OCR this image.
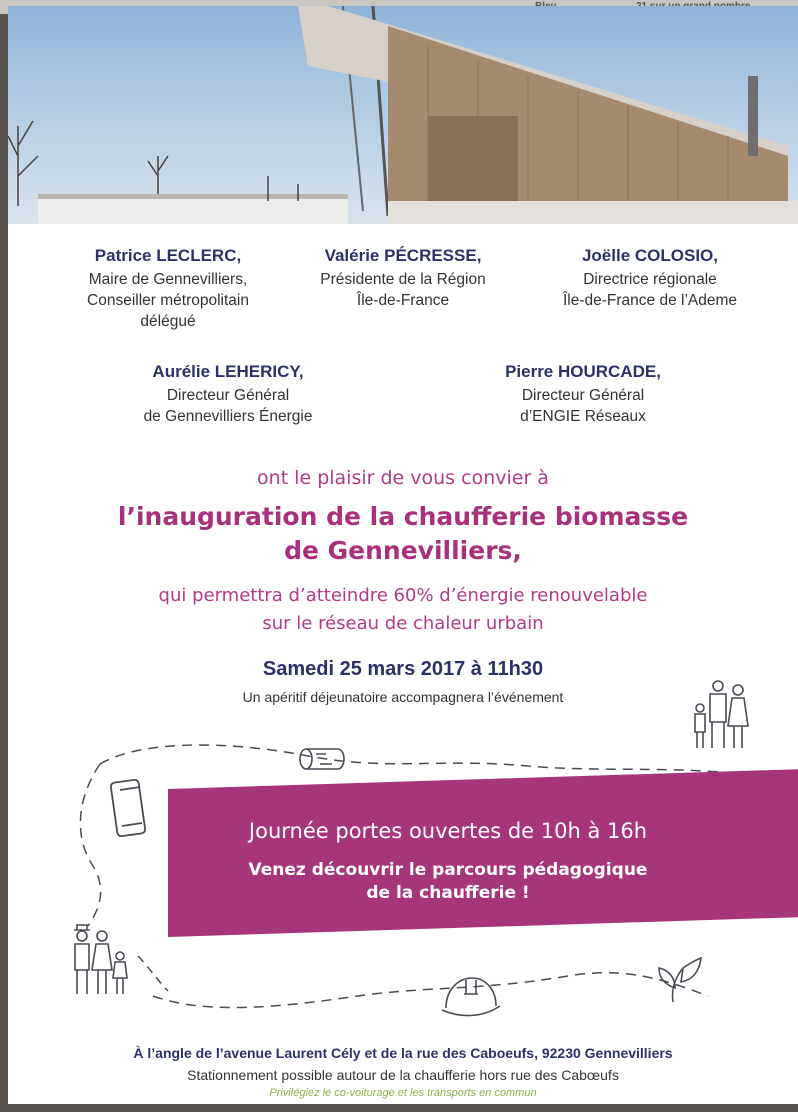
Patrice LECLERC,
Maire de Gennevilliers,
Conseiller métropolitain
délégué
Valérie PÉCRESSE,
Présidente de la Région
Île-de-France
Joëlle COLOSIO,
Directrice régionale
Île-de-France de l’Ademe
Aurélie LEHERICY,
Directeur Général
de Gennevilliers Énergie
Pierre HOURCADE,
Directeur Général
d’ENGIE Réseaux
ont le plaisir de vous convier à
l’inauguration de la chaufferie biomasse
de Gennevilliers,
qui permettra d’atteindre 60% d’énergie renouvelable
sur le réseau de chaleur urbain
Samedi 25 mars 2017 à 11h30
Un apéritif déjeunatoire accompagnera l’événement
Journée portes ouvertes de 10h à 16h
Venez découvrir le parcours pédagogique
de la chaufferie !
À l’angle de l’avenue Laurent Cély et de la rue des Caboeufs, 92230 Gennevilliers
Stationnement possible autour de la chaufferie hors rue des Cabœufs
Privilégiez le co-voiturage et les transports en commun
